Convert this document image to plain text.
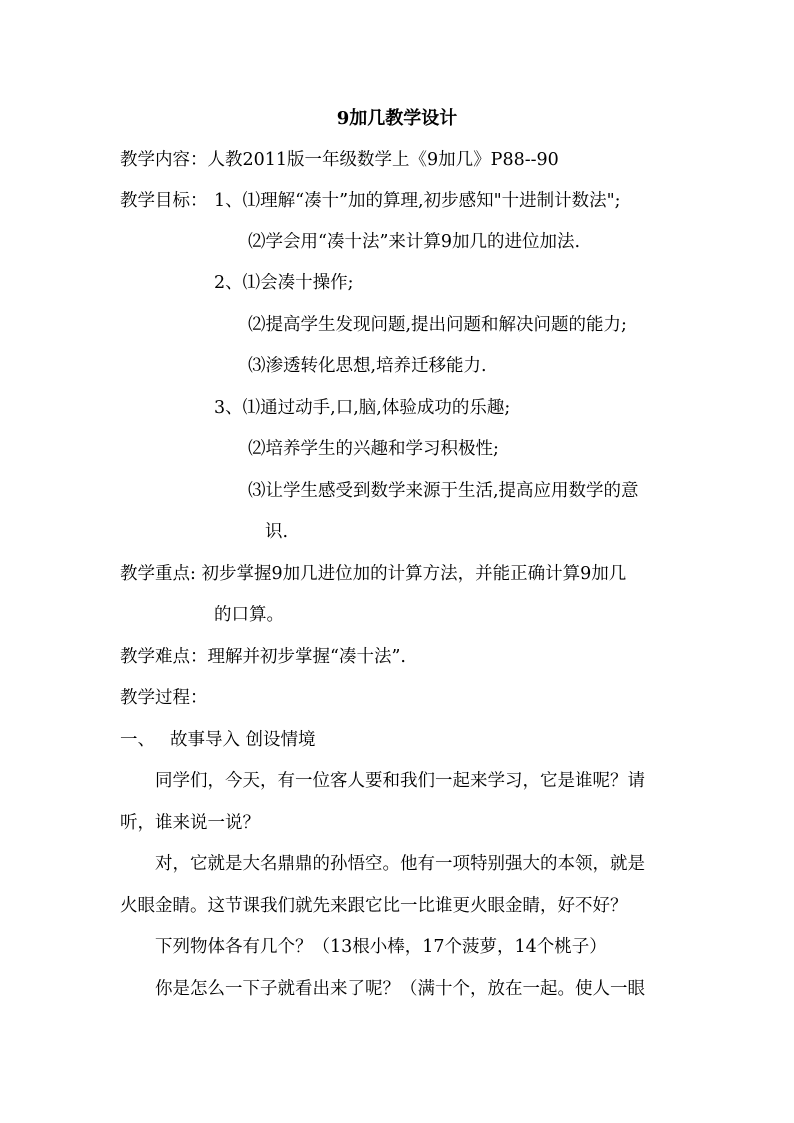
9加几教学设计
教学内容：人教2011版一年级数学上《9加几》P88--90
教学目标： 1、⑴理解“凑十”加的算理,初步感知"十进制计数法";
⑵学会用“凑十法”来计算9加几的进位加法.
2、⑴会凑十操作;
⑵提高学生发现问题,提出问题和解决问题的能力;
⑶渗透转化思想,培养迁移能力.
3、⑴通过动手,口,脑,体验成功的乐趣;
⑵培养学生的兴趣和学习积极性;
⑶让学生感受到数学来源于生活,提高应用数学的意
识.
教学重点: 初步掌握9加几进位加的计算方法，并能正确计算9加几
的口算。
教学难点：理解并初步掌握“凑十法”.
教学过程：
一、 故事导入 创设情境
同学们，今天，有一位客人要和我们一起来学习，它是谁呢？请
听，谁来说一说？
对，它就是大名鼎鼎的孙悟空。他有一项特别强大的本领，就是
火眼金睛。这节课我们就先来跟它比一比谁更火眼金睛，好不好？
下列物体各有几个？（13根小棒，17个菠萝，14个桃子）
你是怎么一下子就看出来了呢？（满十个，放在一起。使人一眼
